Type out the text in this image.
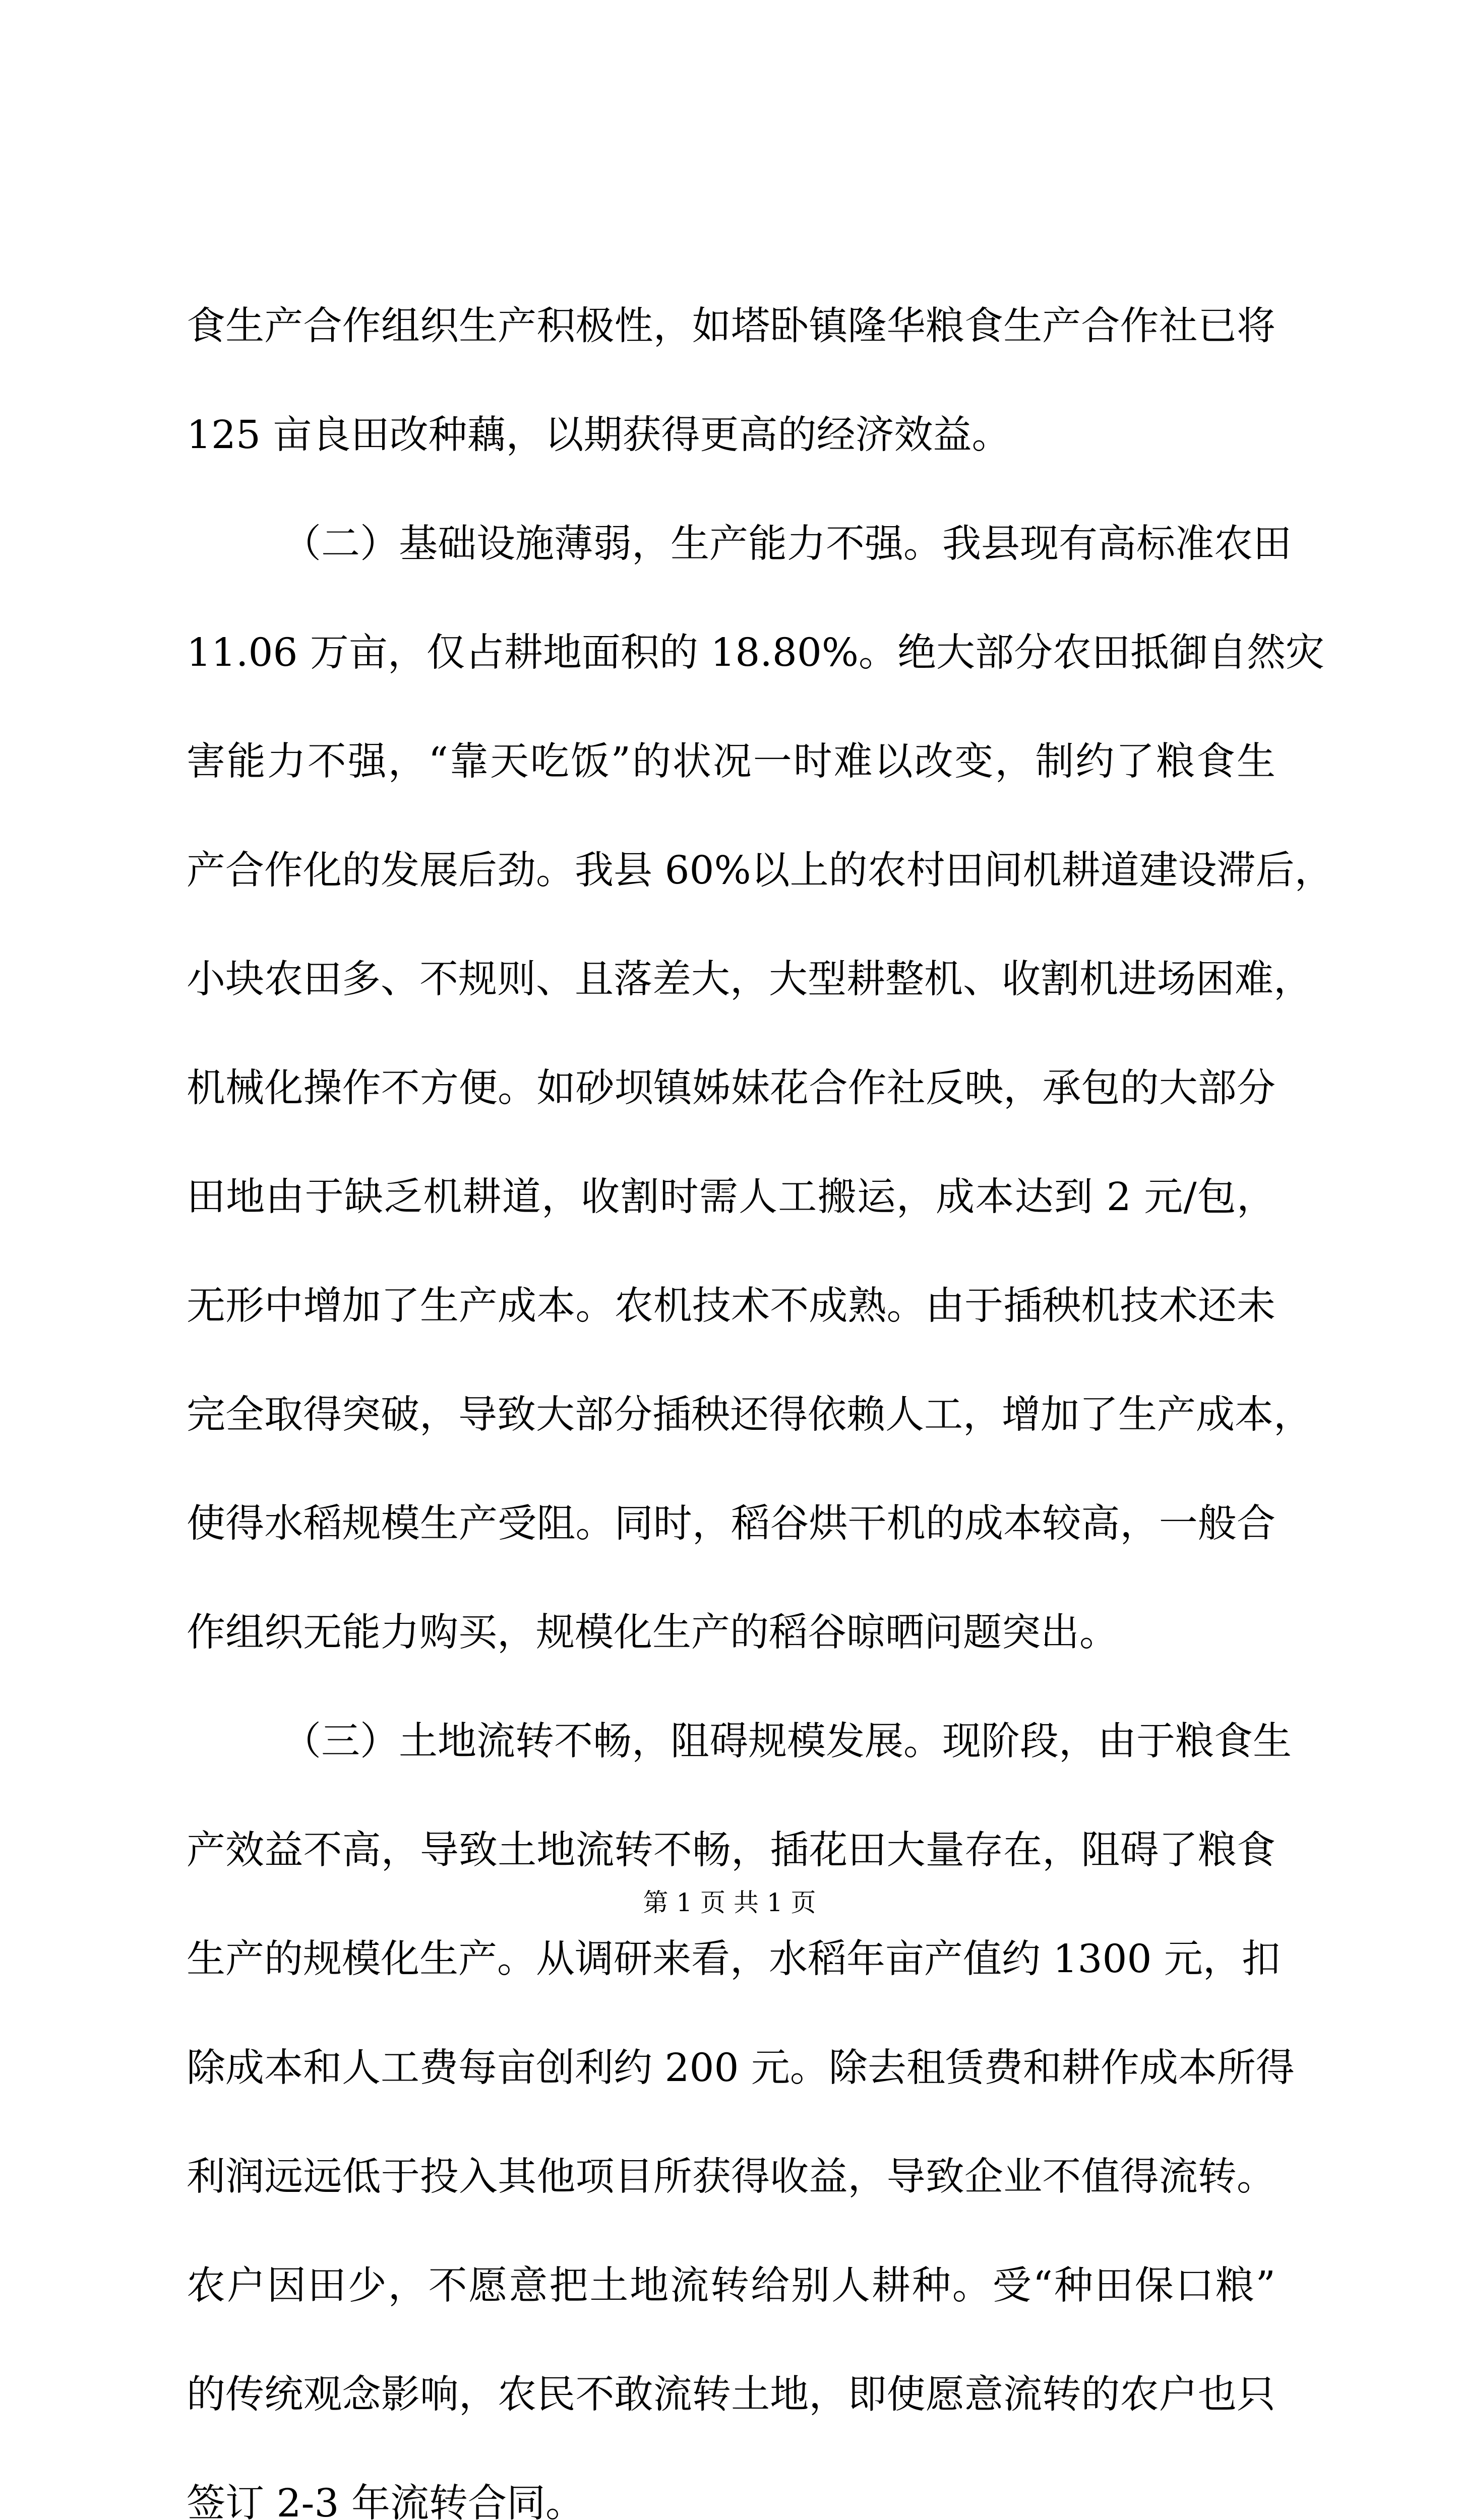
食生产合作组织生产积极性，如塔卧镇隆华粮食生产合作社已将
125 亩良田改种藕，以期获得更高的经济效益。
（二）基础设施薄弱，生产能力不强。我县现有高标准农田
11.06 万亩，仅占耕地面积的 18.80%。绝大部分农田抵御自然灾
害能力不强，“靠天吃饭”的状况一时难以改变，制约了粮食生
产合作化的发展后劲。我县 60%以上的农村田间机耕道建设滞后，
小块农田多、不规则、且落差大，大型耕整机、收割机进场困难，
机械化操作不方便。如砂坝镇姊妹花合作社反映，承包的大部分
田地由于缺乏机耕道，收割时需人工搬运，成本达到 2 元/包，
无形中增加了生产成本。农机技术不成熟。由于插秧机技术还未
完全取得突破，导致大部分插秧还得依赖人工，增加了生产成本，
使得水稻规模生产受阻。同时，稻谷烘干机的成本较高，一般合
作组织无能力购买，规模化生产的稻谷晾晒问题突出。
（三）土地流转不畅，阻碍规模发展。现阶段，由于粮食生
产效益不高，导致土地流转不畅，插花田大量存在，阻碍了粮食
生产的规模化生产。从调研来看，水稻年亩产值约 1300 元，扣
除成本和人工费每亩创利约 200 元。除去租赁费和耕作成本所得
利润远远低于投入其他项目所获得收益，导致企业不值得流转。
农户因田少，不愿意把土地流转给别人耕种。受“种田保口粮”
的传统观念影响，农民不敢流转土地，即使愿意流转的农户也只
签订 2-3 年流转合同。
第 1 页 共 1 页
